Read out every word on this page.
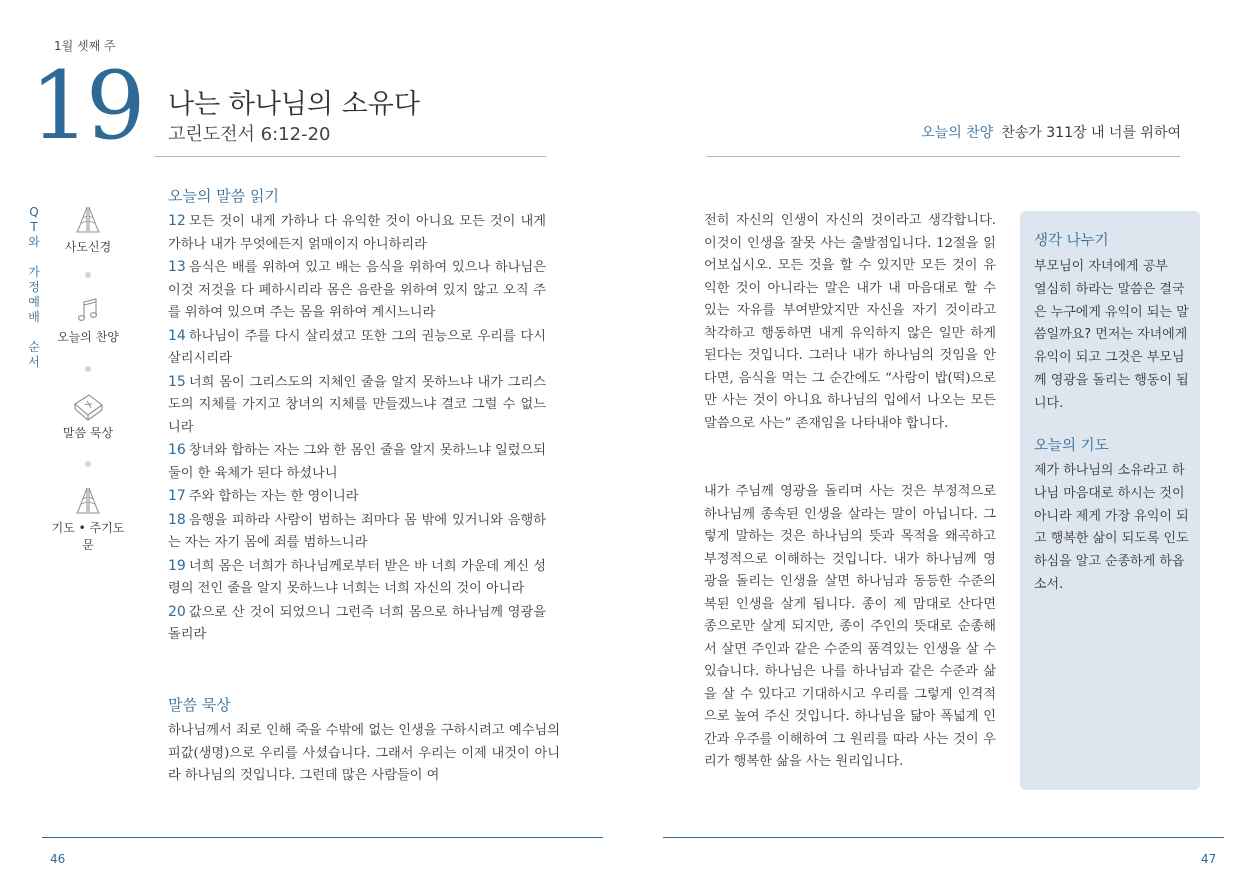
1월 셋째 주
19 나는 하나님의 소유다
고린도전서 6:12-20	오늘의 찬양 찬송가 311장 내 너를 위하여
Q
T
와
가
정
예
배
순
서
사도신경
오늘의 찬양
말씀 묵상
기도 • 주기도문
오늘의 말씀 읽기
12 모든 것이 내게 가하나 다 유익한 것이 아니요 모든 것이 내게 가하나 내가 무엇에든지 얽매이지 아니하리라
13 음식은 배를 위하여 있고 배는 음식을 위하여 있으나 하나님은 이것 저것을 다 폐하시리라 몸은 음란을 위하여 있지 않고 오직 주를 위하여 있으며 주는 몸을 위하여 계시느니라
14 하나님이 주를 다시 살리셨고 또한 그의 권능으로 우리를 다시 살리시리라
15 너희 몸이 그리스도의 지체인 줄을 알지 못하느냐 내가 그리스도의 지체를 가지고 창녀의 지체를 만들겠느냐 결코 그럴 수 없느니라
16 창녀와 합하는 자는 그와 한 몸인 줄을 알지 못하느냐 일렀으되 둘이 한 육체가 된다 하셨나니
17 주와 합하는 자는 한 영이니라
18 음행을 피하라 사람이 범하는 죄마다 몸 밖에 있거니와 음행하는 자는 자기 몸에 죄를 범하느니라
19 너희 몸은 너희가 하나님께로부터 받은 바 너희 가운데 계신 성령의 전인 줄을 알지 못하느냐 너희는 너희 자신의 것이 아니라
20 값으로 산 것이 되었으니 그런즉 너희 몸으로 하나님께 영광을 돌리라
말씀 묵상
하나님께서 죄로 인해 죽을 수밖에 없는 인생을 구하시려고 예수님의 피값(생명)으로 우리를 사셨습니다. 그래서 우리는 이제 내것이 아니라 하나님의 것입니다. 그런데 많은 사람들이 여
전히 자신의 인생이 자신의 것이라고 생각합니다. 이것이 인생을 잘못 사는 출발점입니다. 12절을 읽어보십시오. 모든 것을 할 수 있지만 모든 것이 유익한 것이 아니라는 말은 내가 내 마음대로 할 수 있는 자유를 부여받았지만 자신을 자기 것이라고 착각하고 행동하면 내게 유익하지 않은 일만 하게 된다는 것입니다. 그러나 내가 하나님의 것임을 안다면, 음식을 먹는 그 순간에도 “사람이 밥(떡)으로만 사는 것이 아니요 하나님의 입에서 나오는 모든 말씀으로 사는” 존재임을 나타내야 합니다.
내가 주님께 영광을 돌리며 사는 것은 부정적으로 하나님께 종속된 인생을 살라는 말이 아닙니다. 그렇게 말하는 것은 하나님의 뜻과 목적을 왜곡하고 부정적으로 이해하는 것입니다. 내가 하나님께 영광을 돌리는 인생을 살면 하나님과 동등한 수준의 복된 인생을 살게 됩니다. 종이 제 맘대로 산다면 종으로만 살게 되지만, 종이 주인의 뜻대로 순종해서 살면 주인과 같은 수준의 품격있는 인생을 살 수 있습니다. 하나님은 나를 하나님과 같은 수준과 삶을 살 수 있다고 기대하시고 우리를 그렇게 인격적으로 높여 주신 것입니다. 하나님을 닮아 폭넓게 인간과 우주를 이해하여 그 원리를 따라 사는 것이 우리가 행복한 삶을 사는 원리입니다.
생각 나누기
부모님이 자녀에게 공부 열심히 하라는 말씀은 결국 은 누구에게 유익이 되는 말 씀일까요? 먼저는 자녀에게 유익이 되고 그것은 부모님 께 영광을 돌리는 행동이 됩 니다.
오늘의 기도
제가 하나님의 소유라고 하 나님 마음대로 하시는 것이 아니라 제게 가장 유익이 되 고 행복한 삶이 되도록 인도 하심을 알고 순종하게 하옵 소서.
46	47
